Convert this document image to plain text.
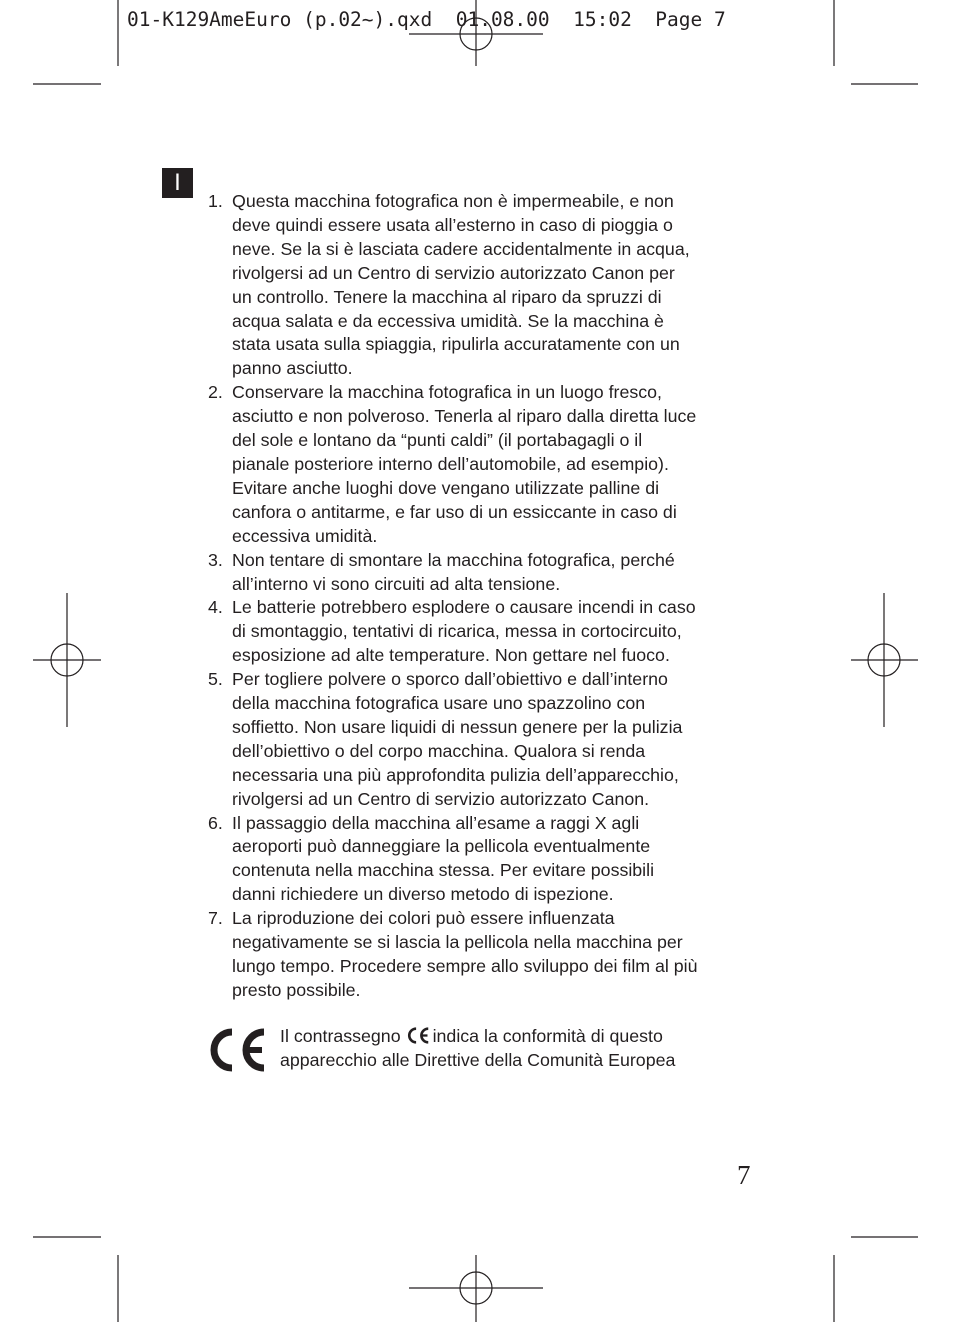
01-K129AmeEuro (p.02~).qxd  01.08.00  15:02  Page 7
I
1. Questa macchina fotografica non è impermeabile, e non
deve quindi essere usata all’esterno in caso di pioggia o
neve. Se la si è lasciata cadere accidentalmente in acqua,
rivolgersi ad un Centro di servizio autorizzato Canon per
un controllo. Tenere la macchina al riparo da spruzzi di
acqua salata e da eccessiva umidità. Se la macchina è
stata usata sulla spiaggia, ripulirla accuratamente con un
panno asciutto.
2. Conservare la macchina fotografica in un luogo fresco,
asciutto e non polveroso. Tenerla al riparo dalla diretta luce
del sole e lontano da “punti caldi” (il portabagagli o il
pianale posteriore interno dell’automobile, ad esempio).
Evitare anche luoghi dove vengano utilizzate palline di
canfora o antitarme, e far uso di un essiccante in caso di
eccessiva umidità.
3. Non tentare di smontare la macchina fotografica, perché
all’interno vi sono circuiti ad alta tensione.
4. Le batterie potrebbero esplodere o causare incendi in caso
di smontaggio, tentativi di ricarica, messa in cortocircuito,
esposizione ad alte temperature. Non gettare nel fuoco.
5. Per togliere polvere o sporco dall’obiettivo e dall’interno
della macchina fotografica usare uno spazzolino con
soffietto. Non usare liquidi di nessun genere per la pulizia
dell’obiettivo o del corpo macchina. Qualora si renda
necessaria una più approfondita pulizia dell’apparecchio,
rivolgersi ad un Centro di servizio autorizzato Canon.
6. Il passaggio della macchina all’esame a raggi X agli
aeroporti può danneggiare la pellicola eventualmente
contenuta nella macchina stessa. Per evitare possibili
danni richiedere un diverso metodo di ispezione.
7. La riproduzione dei colori può essere influenzata
negativamente se si lascia la pellicola nella macchina per
lungo tempo. Procedere sempre allo sviluppo dei film al più
presto possibile.
Il contrassegno indica la conformità di questo
apparecchio alle Direttive della Comunità Europea
7
